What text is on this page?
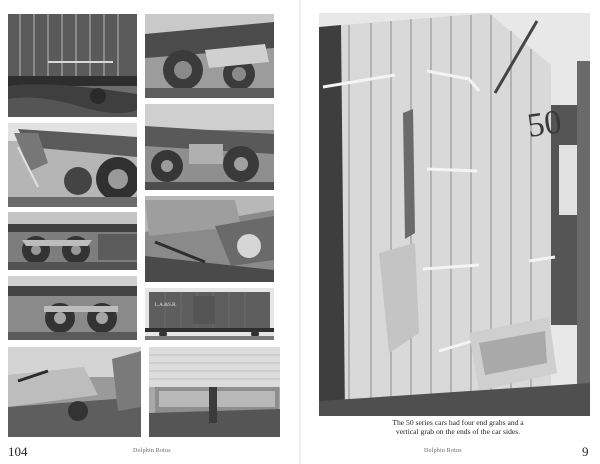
L.A.&S.R.
104	Dolphin Rotus
50
The 50 series cars had four end grabs and a vertical grab on the ends of the car sides.
Dolphin Rotus	9
